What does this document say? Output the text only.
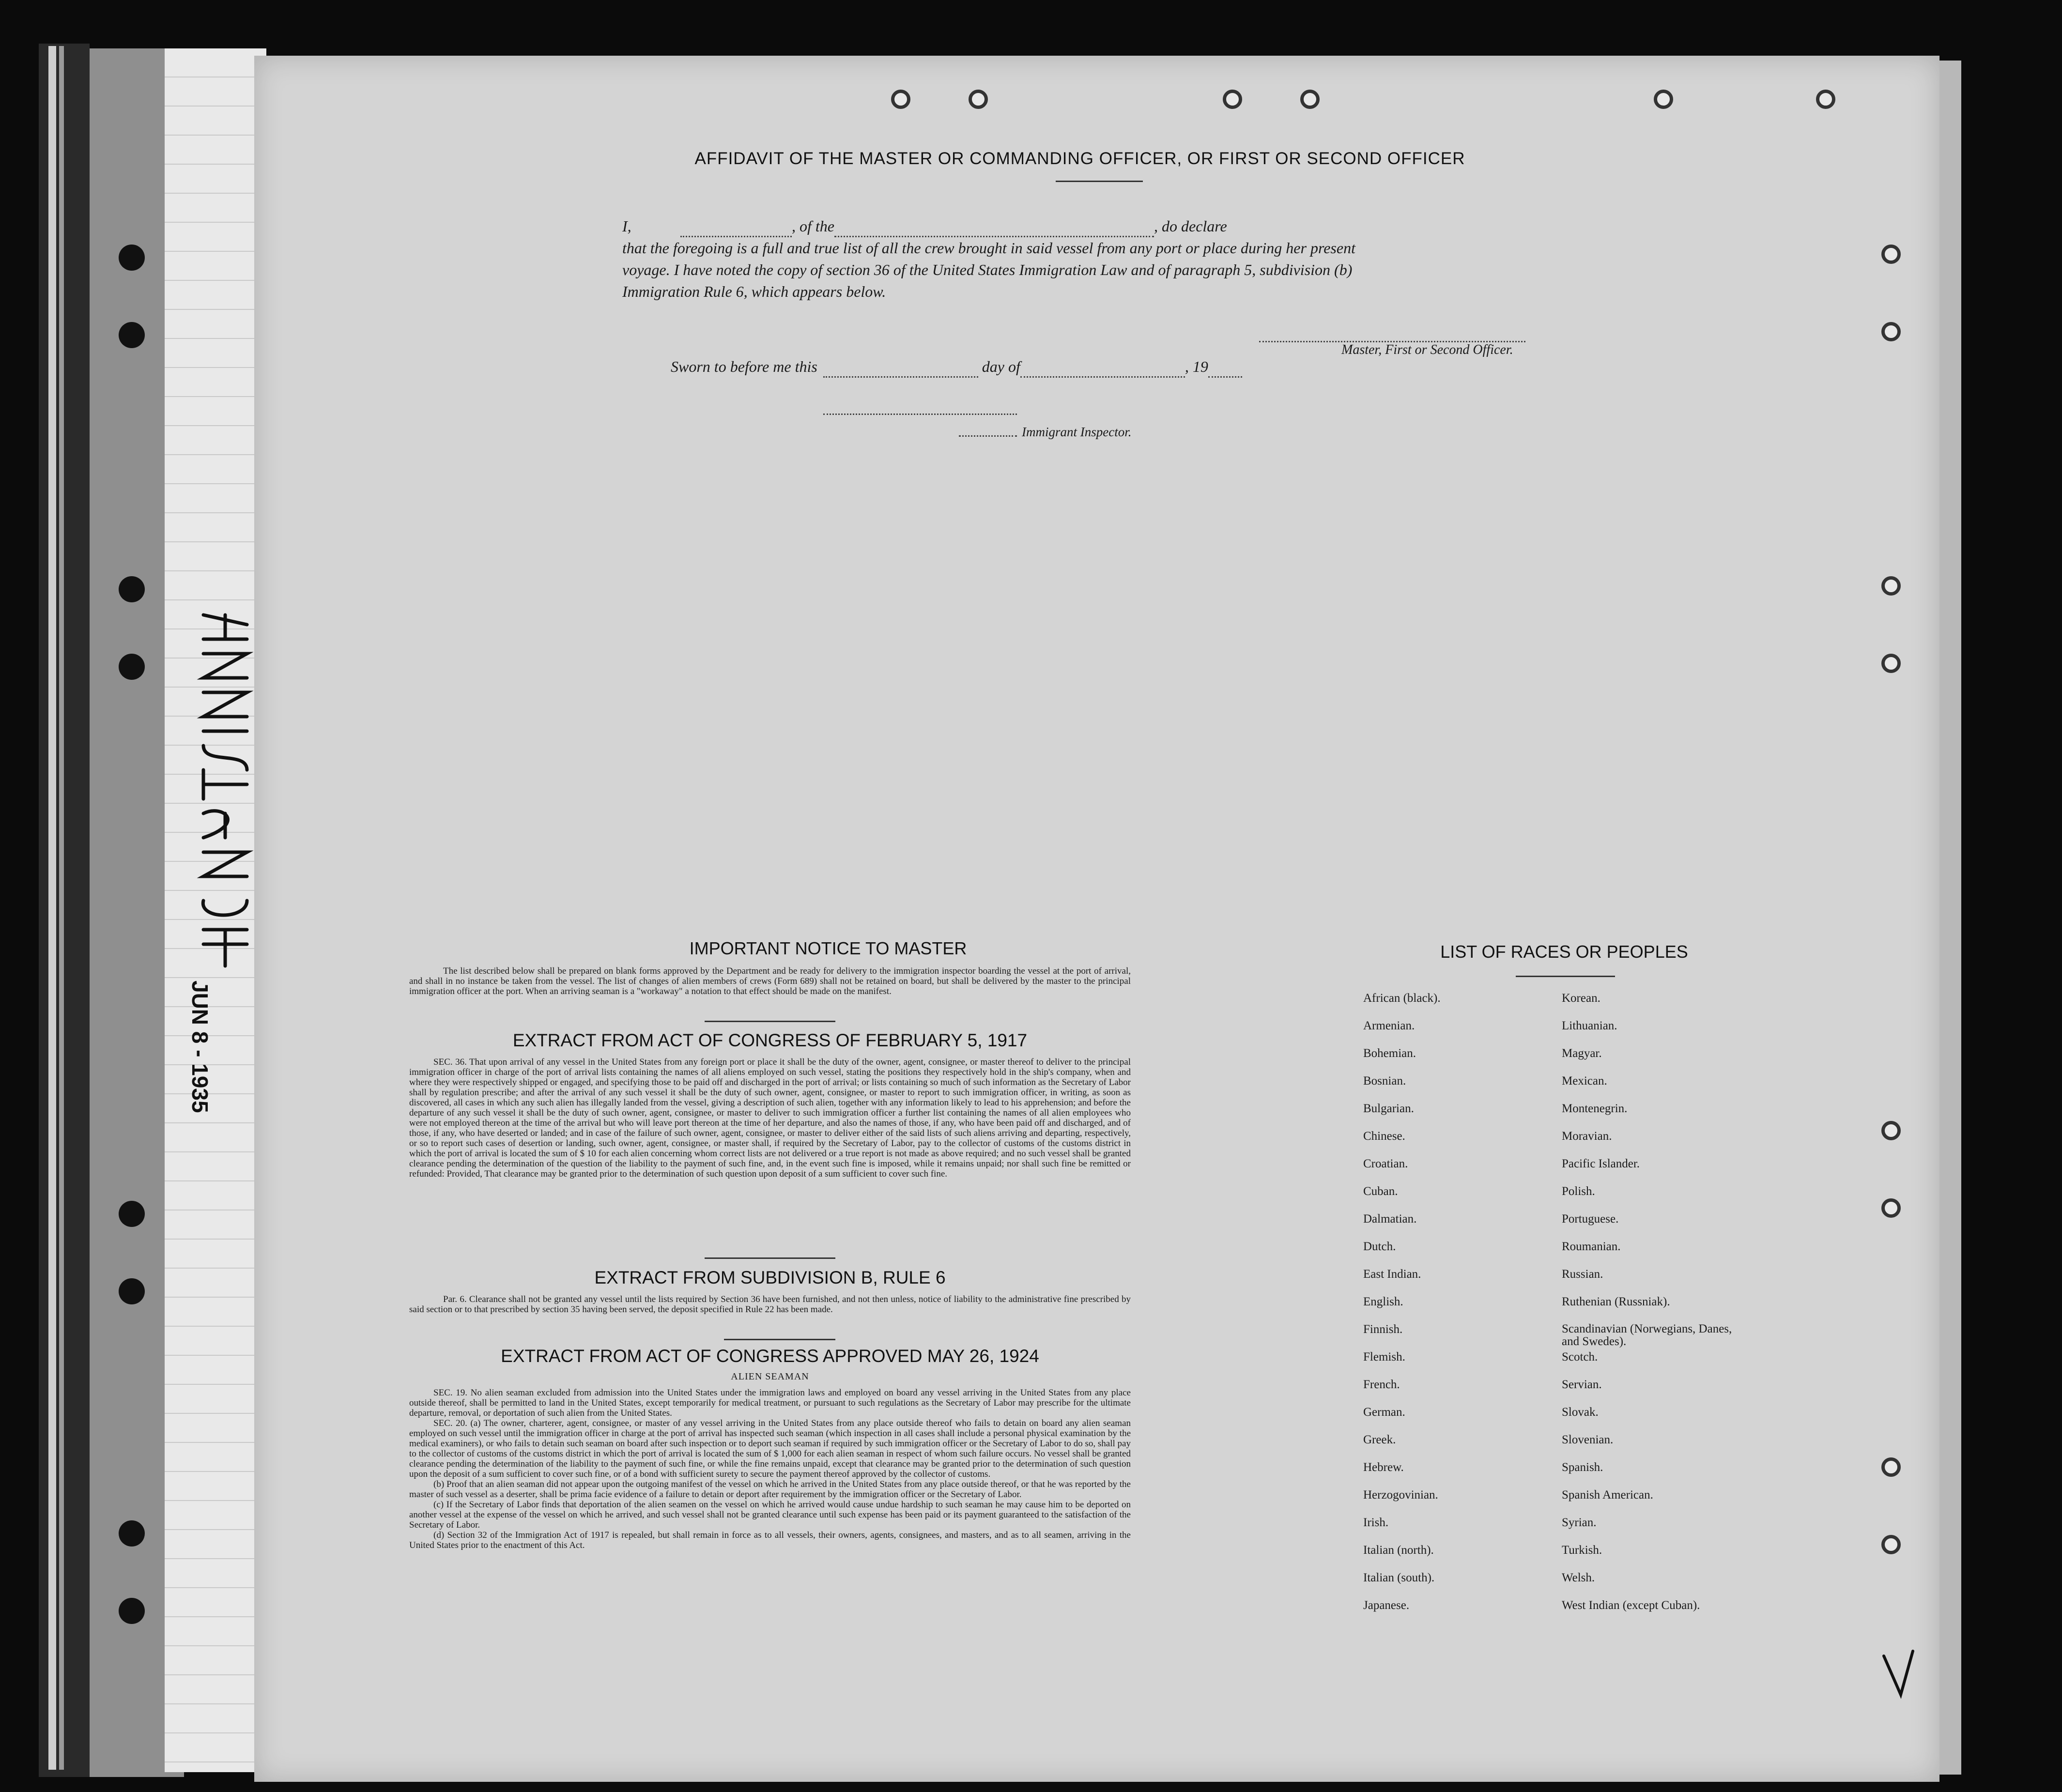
AFFIDAVIT OF THE MASTER OR COMMANDING OFFICER, OR FIRST OR SECOND OFFICER
I,	, of the	, do declare
that the foregoing is a full and true list of all the crew brought in said vessel from any port or place during her present
voyage. I have noted the copy of section 36 of the United States Immigration Law and of paragraph 5, subdivision (b)
Immigration Rule 6, which appears below.
Master, First or Second Officer.
Sworn to before me this	day of	, 19
Immigrant Inspector.
IMPORTANT NOTICE TO MASTER
The list described below shall be prepared on blank forms approved by the Department and be ready for delivery to the immigration inspector boarding the vessel at the port of arrival, and shall in no instance be taken from the vessel. The list of changes of alien members of crews (Form 689) shall not be retained on board, but shall be delivered by the master to the principal immigration officer at the port. When an arriving seaman is a "workaway" a notation to that effect should be made on the manifest.
EXTRACT FROM ACT OF CONGRESS OF FEBRUARY 5, 1917
SEC. 36. That upon arrival of any vessel in the United States from any foreign port or place it shall be the duty of the owner, agent, consignee, or master thereof to deliver to the principal immigration officer in charge of the port of arrival lists containing the names of all aliens employed on such vessel, stating the positions they respectively hold in the ship's company, when and where they were respectively shipped or engaged, and specifying those to be paid off and discharged in the port of arrival; or lists containing so much of such information as the Secretary of Labor shall by regulation prescribe; and after the arrival of any such vessel it shall be the duty of such owner, agent, consignee, or master to report to such immigration officer, in writing, as soon as discovered, all cases in which any such alien has illegally landed from the vessel, giving a description of such alien, together with any information likely to lead to his apprehension; and before the departure of any such vessel it shall be the duty of such owner, agent, consignee, or master to deliver to such immigration officer a further list containing the names of all alien employees who were not employed thereon at the time of the arrival but who will leave port thereon at the time of her departure, and also the names of those, if any, who have been paid off and discharged, and of those, if any, who have deserted or landed; and in case of the failure of such owner, agent, consignee, or master to deliver either of the said lists of such aliens arriving and departing, respectively, or so to report such cases of desertion or landing, such owner, agent, consignee, or master shall, if required by the Secretary of Labor, pay to the collector of customs of the customs district in which the port of arrival is located the sum of $ 10 for each alien concerning whom correct lists are not delivered or a true report is not made as above required; and no such vessel shall be granted clearance pending the determination of the question of the liability to the payment of such fine, and, in the event such fine is imposed, while it remains unpaid; nor shall such fine be remitted or refunded: Provided, That clearance may be granted prior to the determination of such question upon deposit of a sum sufficient to cover such fine.
EXTRACT FROM SUBDIVISION B, RULE 6
Par. 6. Clearance shall not be granted any vessel until the lists required by Section 36 have been furnished, and not then unless, notice of liability to the administrative fine prescribed by said section or to that prescribed by section 35 having been served, the deposit specified in Rule 22 has been made.
EXTRACT FROM ACT OF CONGRESS APPROVED MAY 26, 1924
ALIEN SEAMAN
SEC. 19. No alien seaman excluded from admission into the United States under the immigration laws and employed on board any vessel arriving in the United States from any place outside thereof, shall be permitted to land in the United States, except temporarily for medical treatment, or pursuant to such regulations as the Secretary of Labor may prescribe for the ultimate departure, removal, or deportation of such alien from the United States.
SEC. 20. (a) The owner, charterer, agent, consignee, or master of any vessel arriving in the United States from any place outside thereof who fails to detain on board any alien seaman employed on such vessel until the immigration officer in charge at the port of arrival has inspected such seaman (which inspection in all cases shall include a personal physical examination by the medical examiners), or who fails to detain such seaman on board after such inspection or to deport such seaman if required by such immigration officer or the Secretary of Labor to do so, shall pay to the collector of customs of the customs district in which the port of arrival is located the sum of $ 1,000 for each alien seaman in respect of whom such failure occurs. No vessel shall be granted clearance pending the determination of the liability to the payment of such fine, or while the fine remains unpaid, except that clearance may be granted prior to the determination of such question upon the deposit of a sum sufficient to cover such fine, or of a bond with sufficient surety to secure the payment thereof approved by the collector of customs.
(b) Proof that an alien seaman did not appear upon the outgoing manifest of the vessel on which he arrived in the United States from any place outside thereof, or that he was reported by the master of such vessel as a deserter, shall be prima facie evidence of a failure to detain or deport after requirement by the immigration officer or the Secretary of Labor.
(c) If the Secretary of Labor finds that deportation of the alien seamen on the vessel on which he arrived would cause undue hardship to such seaman he may cause him to be deported on another vessel at the expense of the vessel on which he arrived, and such vessel shall not be granted clearance until such expense has been paid or its payment guaranteed to the satisfaction of the Secretary of Labor.
(d) Section 32 of the Immigration Act of 1917 is repealed, but shall remain in force as to all vessels, their owners, agents, consignees, and masters, and as to all seamen, arriving in the United States prior to the enactment of this Act.
LIST OF RACES OR PEOPLES
African (black).	Korean.
Armenian.	Lithuanian.
Bohemian.	Magyar.
Bosnian.	Mexican.
Bulgarian.	Montenegrin.
Chinese.	Moravian.
Croatian.	Pacific Islander.
Cuban.	Polish.
Dalmatian.	Portuguese.
Dutch.	Roumanian.
East Indian.	Russian.
English.	Ruthenian (Russniak).
Finnish.	Scandinavian (Norwegians, Danes, and Swedes).
Flemish.	Scotch.
French.	Servian.
German.	Slovak.
Greek.	Slovenian.
Hebrew.	Spanish.
Herzogovinian.	Spanish American.
Irish.	Syrian.
Italian (north).	Turkish.
Italian (south).	Welsh.
Japanese.	West Indian (except Cuban).
JUN 8 - 1935
